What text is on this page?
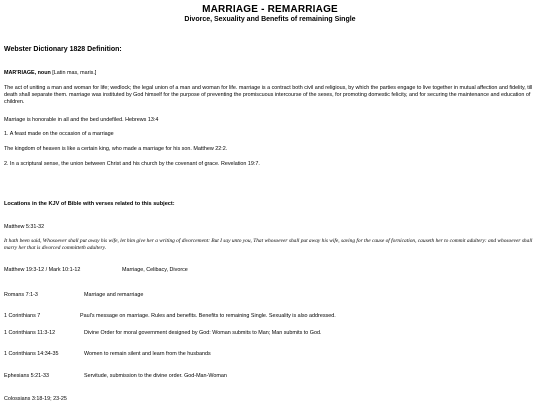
MARRIAGE - REMARRIAGE
Divorce, Sexuality and Benefits of remaining Single
Webster Dictionary 1828 Definition:
MAR'RIAGE, noun [Latin mas, maris.]
The act of uniting a man and woman for life; wedlock; the legal union of a man and woman for life. marriage is a contract both civil and religious, by which the parties engage to live together in mutual affection and fidelity, till death shall separate them. marriage was instituted by God himself for the purpose of preventing the promiscuous intercourse of the sexes, for promoting domestic felicity, and for securing the maintenance and education of children.
Marriage is honorable in all and the bed undefiled. Hebrews 13:4
1. A feast made on the occasion of a marriage
The kingdom of heaven is like a certain king, who made a marriage for his son. Matthew 22:2.
2. In a scriptural sense, the union between Christ and his church by the covenant of grace. Revelation 19:7.
Locations in the KJV of Bible with verses related to this subject:
Matthew 5:31-32
It hath been said, Whosoever shall put away his wife, let him give her a writing of divorcement: But I say unto you, That whosoever shall put away his wife, saving for the cause of fornication, causeth her to commit adultery: and whosoever shall marry her that is divorced committeth adultery.
Matthew 19:3-12 / Mark 10:1-12	Marriage, Celibacy, Divorce
Romans 7:1-3	Marriage and remarriage
1 Corinthians 7	Paul's message on marriage. Rules and benefits. Benefits to remaining Single. Sexuality is also addressed.
1 Corinthians 11:3-12	Divine Order for moral government designed by God: Woman submits to Man; Man submits to God.
1 Corinthians 14:34-35	Women to remain silent and learn from the husbands
Ephesians 5:21-33	Servitude, submission to the divine order. God-Man-Woman
Colossians 3:18-19; 23-25
